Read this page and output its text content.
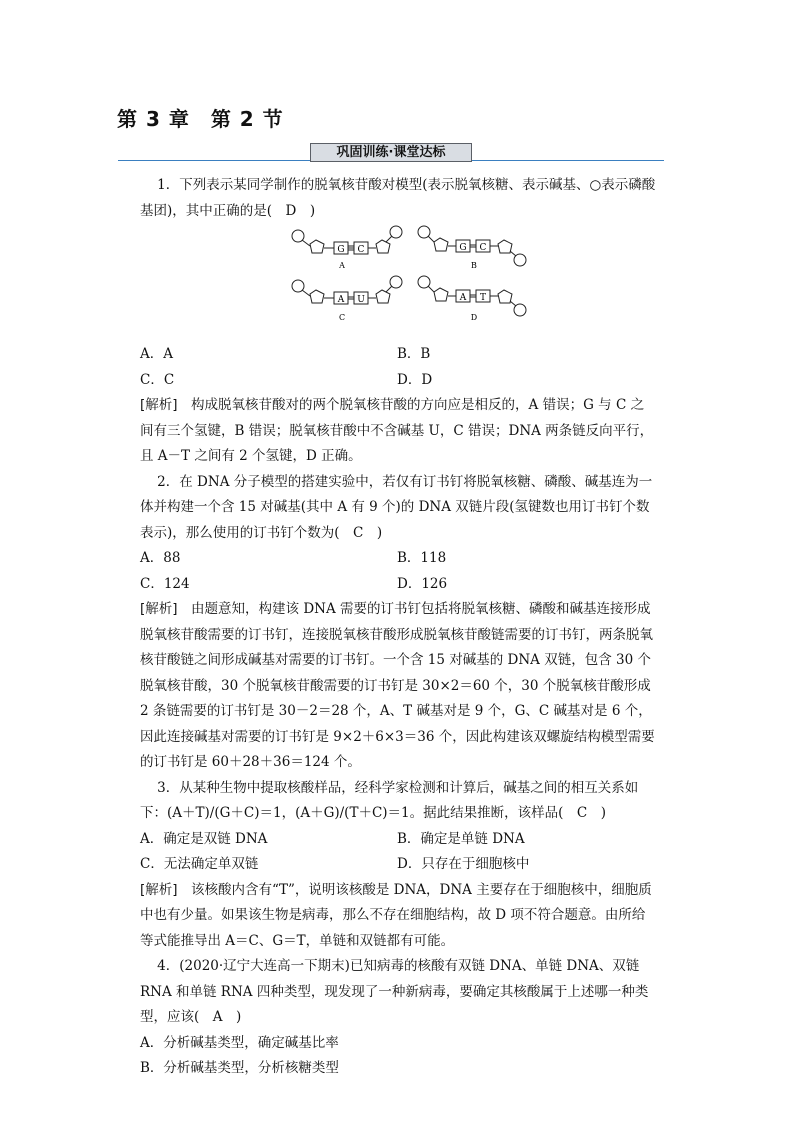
第 3 章　第 2 节
巩固训练·课堂达标

1．下列表示某同学制作的脱氧核苷酸对模型(表示脱氧核糖、表示碱基、○表示磷酸基团)，其中正确的是(　D　)

G C
A
G C
B
A U
C
A T
D
A．A	B．B
C．C	D．D

[解析]　 构成脱氧核苷酸对的两个脱氧核苷酸的方向应是相反的，A 错误；G 与 C 之间有三个氢键，B 错误；脱氧核苷酸中不含碱基 U，C 错误；DNA 两条链反向平行，且 A－T 之间有 2 个氢键，D 正确。

2．在 DNA 分子模型的搭建实验中，若仅有订书钉将脱氧核糖、磷酸、碱基连为一体并构建一个含 15 对碱基(其中 A 有 9 个)的 DNA 双链片段(氢键数也用订书钉个数表示)，那么使用的订书钉个数为(　C　)

A．88	B．118
C．124	D．126

[解析]　 由题意知，构建该 DNA 需要的订书钉包括将脱氧核糖、磷酸和碱基连接形成脱氧核苷酸需要的订书钉，连接脱氧核苷酸形成脱氧核苷酸链需要的订书钉，两条脱氧核苷酸链之间形成碱基对需要的订书钉。一个含 15 对碱基的 DNA 双链，包含 30 个脱氧核苷酸，30 个脱氧核苷酸需要的订书钉是 30×2＝60 个，30 个脱氧核苷酸形成 2 条链需要的订书钉是 30－2＝28 个，A、T 碱基对是 9 个，G、C 碱基对是 6 个，因此连接碱基对需要的订书钉是 9×2＋6×3＝36 个，因此构建该双螺旋结构模型需要的订书钉是 60＋28＋36＝124 个。

3．从某种生物中提取核酸样品，经科学家检测和计算后，碱基之间的相互关系如下：(A＋T)/(G＋C)＝1，(A＋G)/(T＋C)＝1。据此结果推断，该样品(　C　)

A．确定是双链 DNA	B．确定是单链 DNA
C．无法确定单双链	D．只存在于细胞核中

[解析]　 该核酸内含有“T”，说明该核酸是 DNA，DNA 主要存在于细胞核中，细胞质中也有少量。如果该生物是病毒，那么不存在细胞结构，故 D 项不符合题意。由所给等式能推导出 A＝C、G＝T，单链和双链都有可能。

4．(2020·辽宁大连高一下期末)已知病毒的核酸有双链 DNA、单链 DNA、双链 RNA 和单链 RNA 四种类型，现发现了一种新病毒，要确定其核酸属于上述哪一种类型，应该(　A　)

A．分析碱基类型，确定碱基比率

B．分析碱基类型，分析核糖类型
